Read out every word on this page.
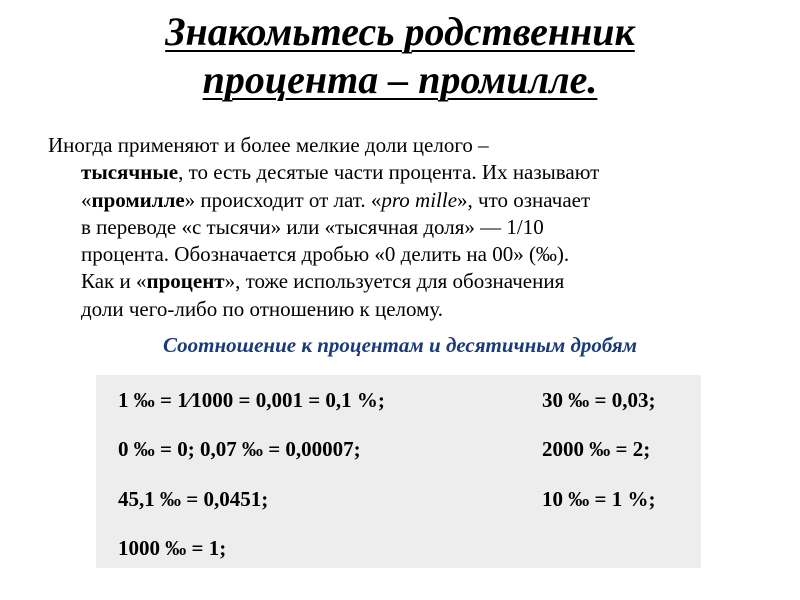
Знакомьтесь родственник
процента – промилле.
Иногда применяют и более мелкие доли целого –
тысячные, то есть десятые части процента. Их называют
«промилле» происходит от лат. «pro mille», что означает
в переводе «с тысячи» или «тысячная доля» — 1/10
процента. Обозначается дробью «0 делить на 00» (‰).
Как и «процент», тоже используется для обозначения
доли чего-либо по отношению к целому.
Соотношение к процентам и десятичным дробям
1 ‰ = 1⁄1000 = 0,001 = 0,1 %;
0 ‰ = 0; 0,07 ‰ = 0,00007;
45,1 ‰ = 0,0451;
1000 ‰ = 1;
30 ‰ = 0,03;
2000 ‰ = 2;
10 ‰ = 1 %;
